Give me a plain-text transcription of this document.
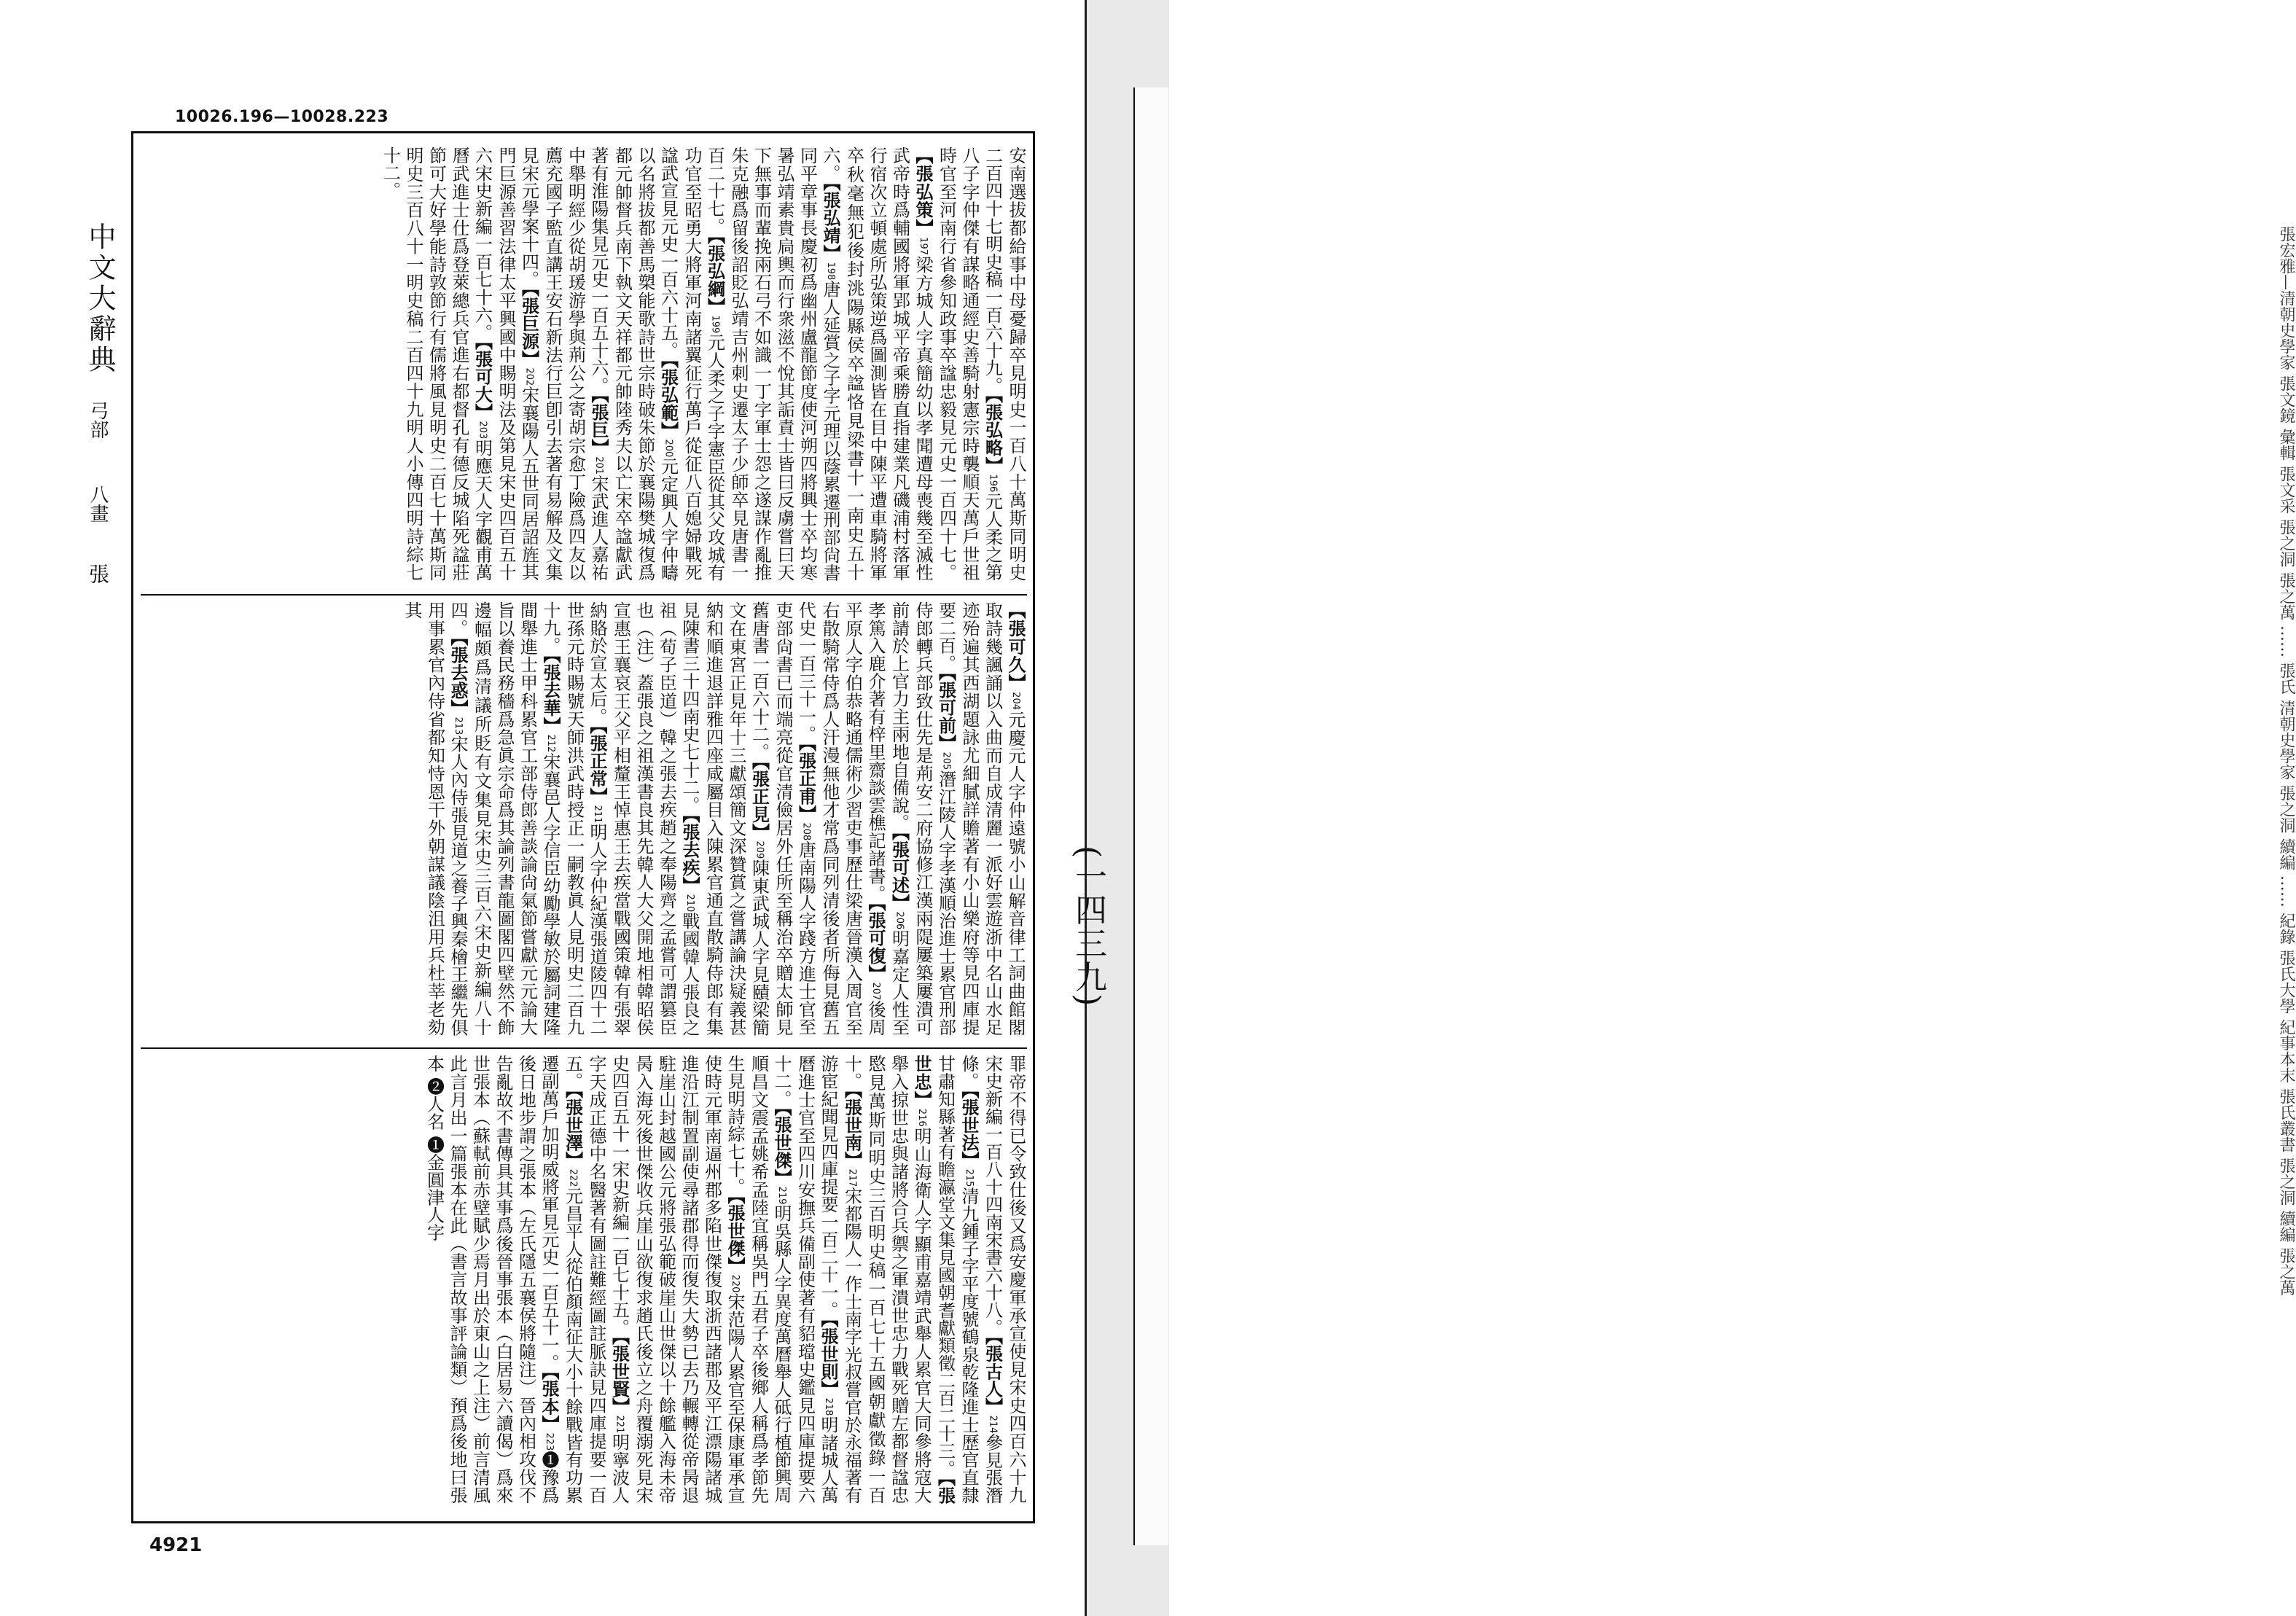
張宏雅—清朝史學家 張文鏡 彙輯 張文采 張之洞 張之萬 …… 張氏 清朝史學家 張之洞 續編 …… 紀錄 張氏大學 紀事本末 張氏叢書 張之洞 續編 張之萬
10026.196—10028.223
中文大辭典
弓部
八畫
張
(一四三九)
安南選拔都給事中母憂歸卒見明史一百八十萬斯同明史二百四十七明史稿一百六十九。【張弘略】196元人柔之第八子字仲傑有謀略通經史善騎射憲宗時襲順天萬戶世祖時官至河南行省參知政事卒諡忠毅見元史一百四十七。【張弘策】197梁方城人字真簡幼以孝聞遭母喪幾至滅性武帝時爲輔國將軍郢城平帝乘勝直指建業凡磯浦村落軍行宿次立頓處所弘策逆爲圖測皆在目中陳平遭車騎將軍卒秋毫無犯後封洮陽縣侯卒諡恪見梁書十一南史五十六。【張弘靖】198唐人延賞之子字元理以蔭累遷刑部尙書同平章事長慶初爲幽州盧龍節度使河朔四將興士卒均寒暑弘靖素貴扃輿而行衆滋不悅其詬責士皆曰反虜嘗曰天下無事而輩挽兩石弓不如識一丁字軍士怨之遂謀作亂推朱克融爲留後詔貶弘靖吉州刺史遷太子少師卒見唐書一百二十七。【張弘綱】199元人柔之子字憲臣從其父攻城有功官至昭勇大將軍河南諸翼征行萬戶從征八百媳婦戰死諡武宣見元史一百六十五。【張弘範】200元定興人字仲疇以名將拔都善馬槊能歌詩世宗時破朱節於襄陽樊城復爲都元帥督兵南下執文天祥都元帥陸秀夫以亡宋卒諡獻武著有淮陽集見元史一百五十六。【張巨】201宋武進人嘉祐中舉明經少從胡瑗游學與荊公之寄胡宗愈丁險爲四友以薦充國子監直講王安石新法行巨卽引去著有易解及文集見宋元學案十四。【張巨源】202宋襄陽人五世同居詔旌其門巨源善習法律太平興國中賜明法及第見宋史四百五十六宋史新編一百七十六。【張可大】203明應天人字觀甫萬曆武進士仕爲登萊總兵官進右都督孔有德反城陷死諡莊節可大好學能詩敦節行有儒將風見明史二百七十萬斯同明史三百八十一明史稿二百四十九明人小傳四明詩綜七十二。
【張可久】204元慶元人字仲遠號小山解音律工詞曲館閣取詩幾諷誦以入曲而自成清麗一派好雲遊浙中名山水足迹殆遍其西湖題詠尤細膩詳贍著有小山樂府等見四庫提要二百。【張可前】205潛江陵人字孝漢順治進士累官刑部侍郎轉兵部致仕先是荊安二府協修江漢兩隄屢築屢潰可前請於上官力主兩地自備說。【張可述】206明嘉定人性至孝篤入鹿介著有梓里齋談雲樵記諸書。【張可復】207後周平原人字伯恭略通儒術少習吏事歷仕梁唐晉漢入周官至右散騎常侍爲人汗漫無他才常爲同列清後者所侮見舊五代史一百三十一。【張正甫】208唐南陽人字踐方進士官至吏部尙書已而端亮從官清儉居外任所至稱治卒贈太師見舊唐書一百六十二。【張正見】209陳東武城人字見賾梁簡文在東宮正見年十三獻頌簡文深贊賞之嘗講論決疑義甚納和順進退詳雅四座咸屬目入陳累官通直散騎侍郎有集見陳書三十四南史七十二。【張去疾】210戰國韓人張良之祖（荀子臣道）韓之張去疾趙之奉陽齊之孟嘗可謂篡臣也（注）蓋張良之祖漢書良其先韓人大父開地相韓昭侯宣惠王襄哀王父平相釐王悼惠王去疾當戰國策韓有張翠納賂於宣太后。【張正常】211明人字仲紀漢張道陵四十二世孫元時賜號天師洪武時授正一嗣教眞人見明史二百九十九。【張去華】212宋襄邑人字信臣幼勵學敏於屬詞建隆間舉進士甲科累官工部侍郎善談論尙氣節嘗獻元元論大旨以養民務穡爲急眞宗命爲其論列書龍圖閣四壁然不飾邊幅頗爲清議所貶有文集見宋史三百六宋史新編八十四。【張去惑】213宋人內侍張見道之養子興秦檜王繼先俱用事累官內侍省都知恃恩干外朝謀議陰沮用兵杜莘老劾其
罪帝不得已令致仕後又爲安慶軍承宣使見宋史四百六十九宋史新編一百八十四南宋書六十八。【張古人】214參見張潛條。【張世法】215清九鍾子字平度號鶴泉乾隆進士歷官直隸甘肅知縣著有瞻瀛堂文集見國朝耆獻類徵二百二十三。【張世忠】216明山海衛人字顯甫嘉靖武舉人累官大同參將寇大舉入掠世忠與諸將合兵禦之軍潰世忠力戰死贈左都督諡忠愍見萬斯同明史三百明史稿一百七十五國朝獻徵錄一百十。【張世南】217宋都陽人一作士南字光叔嘗官於永福著有游宦紀聞見四庫提要一百二十一。【張世則】218明諸城人萬曆進士官至四川安撫兵備副使著有貂璫史鑑見四庫提要六十二。【張世傑】219明吳縣人字異度萬曆舉人砥行植節興周順昌文震孟姚希孟陸宜稱吳門五君子卒後鄉人稱爲孝節先生見明詩綜七十。【張世傑】220宋范陽人累官至保康軍承宣使時元軍南逼州郡多陷世傑復取浙西諸郡及平江漂陽諸城進沿江制置副使尋諸郡得而復失大勢已去乃輾轉從帝昺退駐崖山封越國公元將張弘範破崖山世傑以十餘艦入海未帝昺入海死後世傑收兵崖山欲復求趙氏後立之舟覆溺死見宋史四百五十一宋史新編一百七十五。【張世賢】221明寧波人字天成正德中名醫著有圖註難經圖註脈訣見四庫提要一百五。【張世澤】222元昌平人從伯顏南征大小十餘戰皆有功累遷副萬戶加明威將軍見元史一百五十一。【張本】223❶豫爲後日地步謂之張本（左氏隱五襄侯將隨注）晉內相攻伐不告亂故不書傳具其事爲後晉事張本（白居易六讀偈）爲來世張本（蘇軾前赤壁賦少焉月出於東山之上注）前言清風此言月出一篇張本在此（書言故事評論類）預爲後地曰張本 ❷人名 ❶金圓津人字
4921
